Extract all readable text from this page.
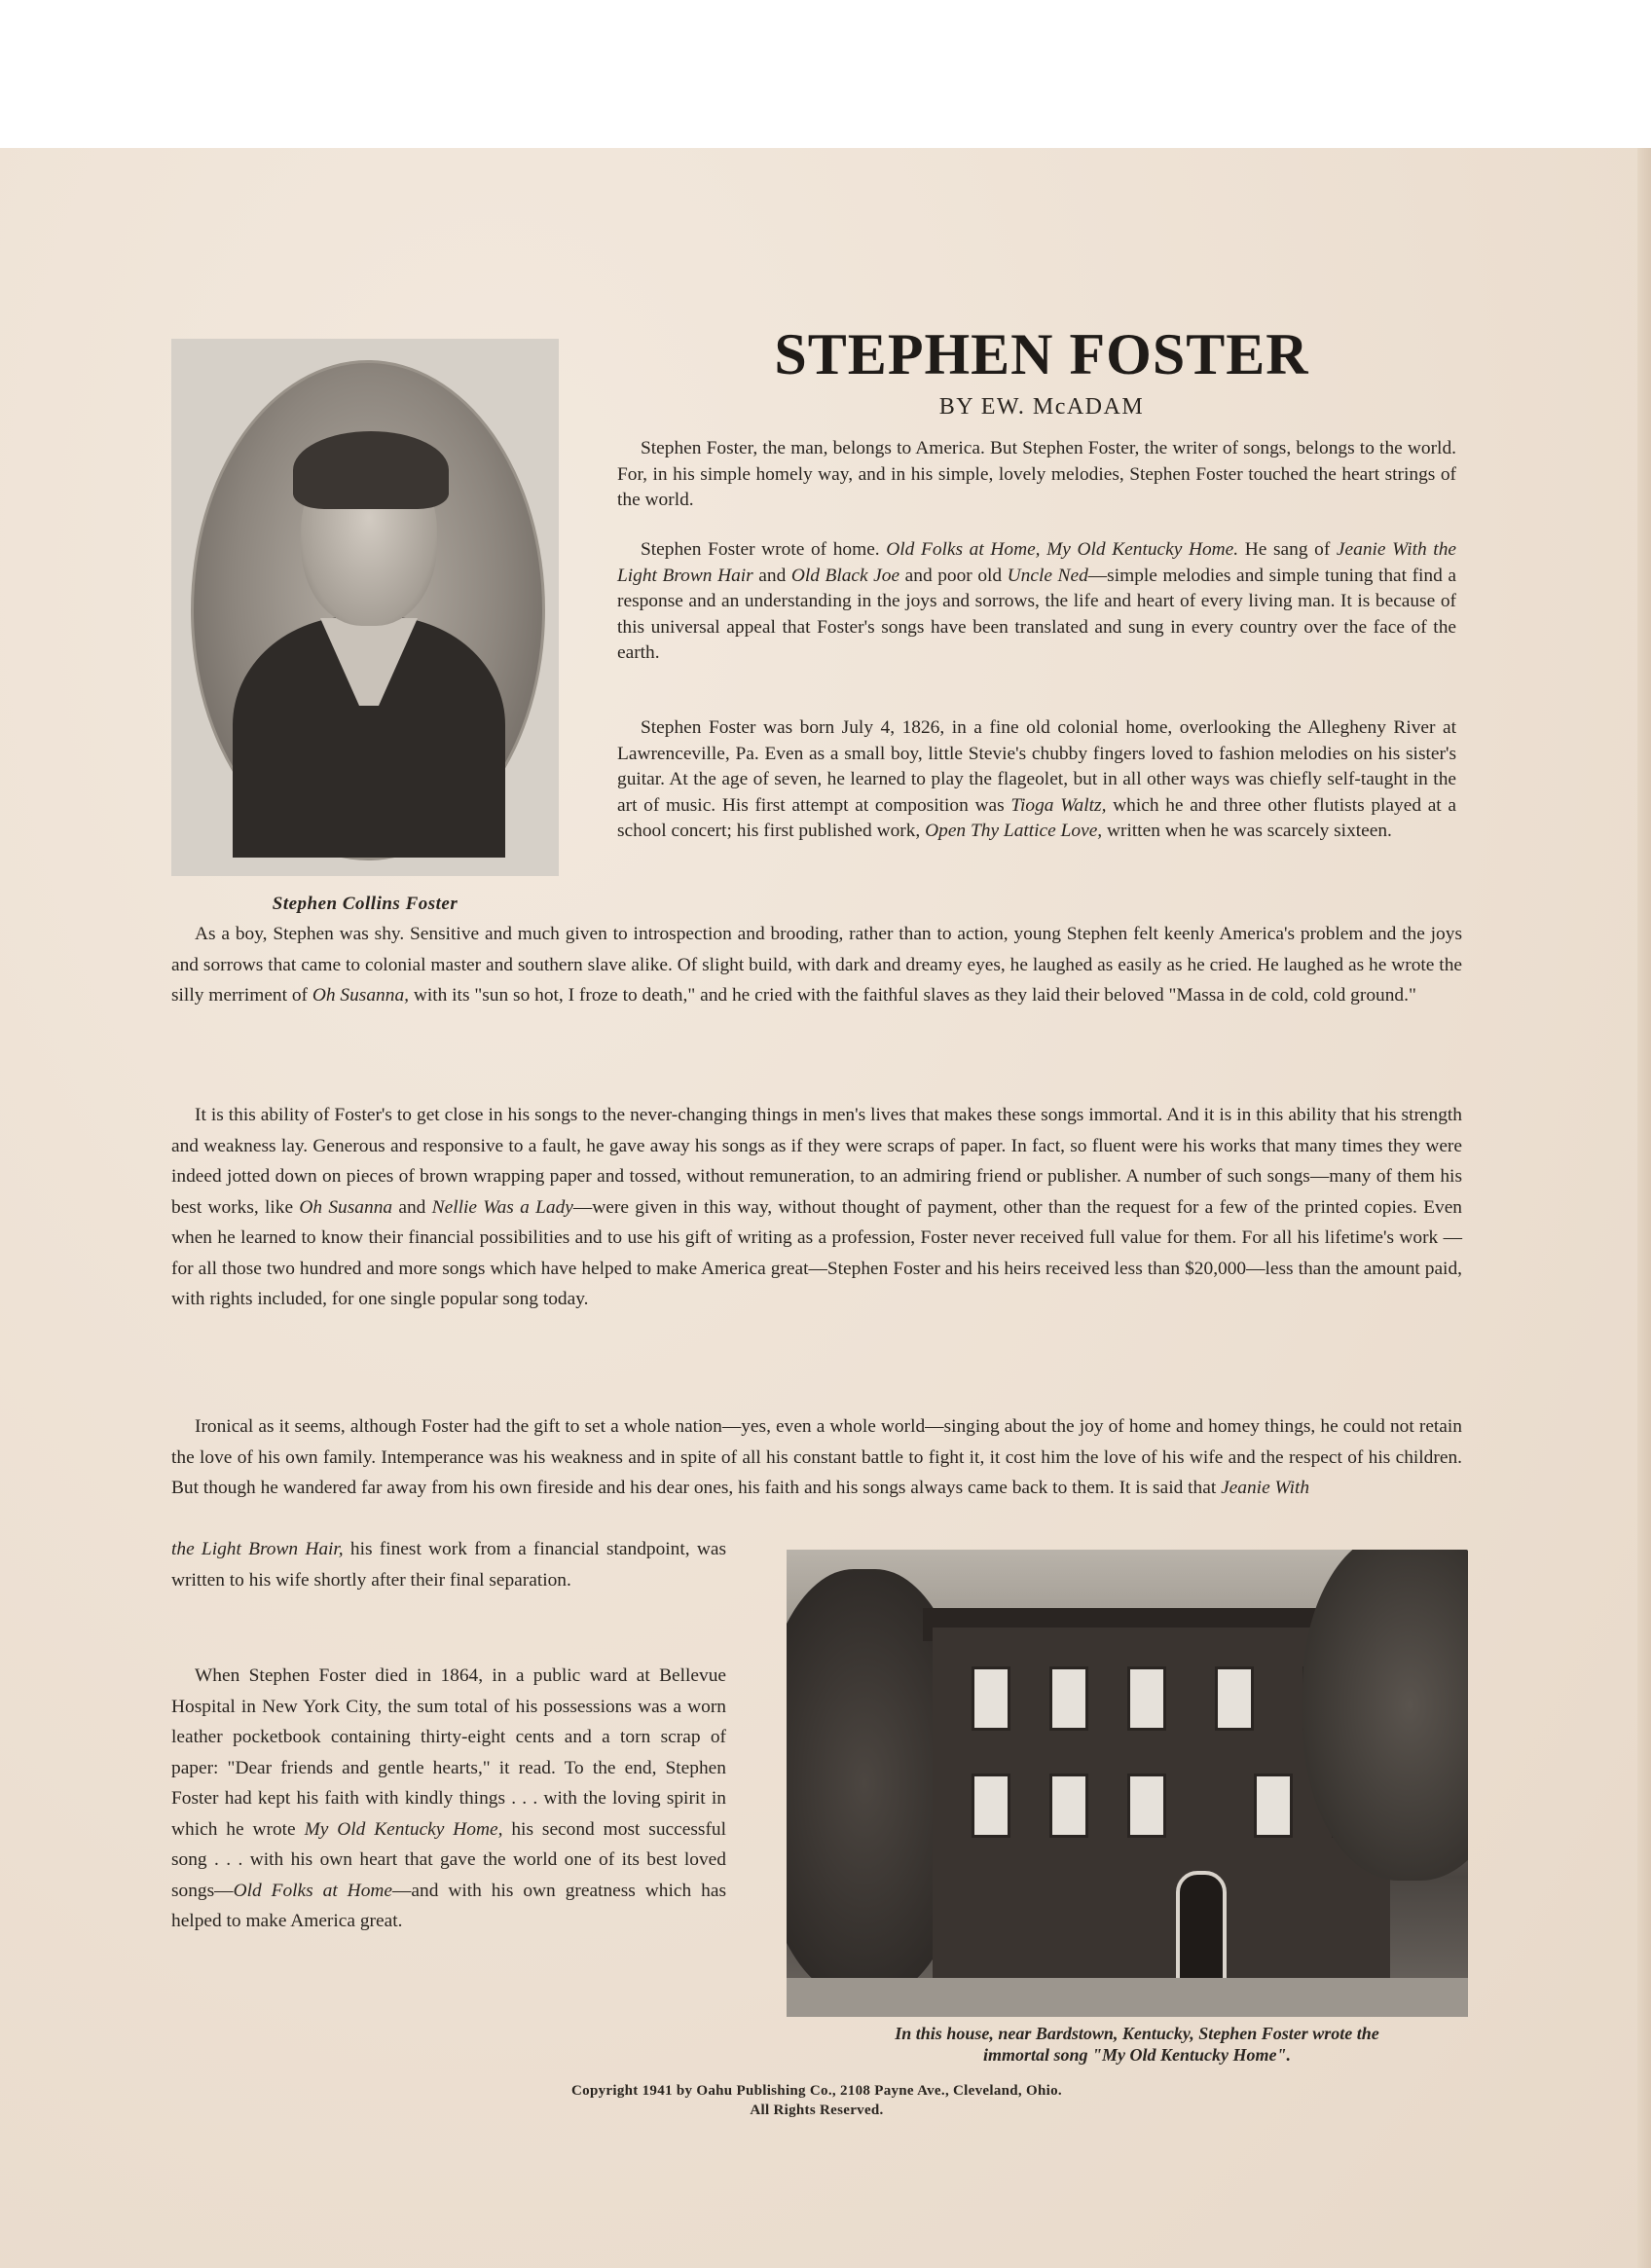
Stephen Collins Foster
STEPHEN FOSTER
BY EW. McADAM

Stephen Foster, the man, belongs to America. But Stephen Foster, the writer of songs, belongs to the world. For, in his simple homely way, and in his simple, lovely melodies, Stephen Foster touched the heart strings of the world.

Stephen Foster wrote of home. Old Folks at Home, My Old Kentucky Home. He sang of Jeanie With the Light Brown Hair and Old Black Joe and poor old Uncle Ned—simple melodies and simple tuning that find a response and an understanding in the joys and sorrows, the life and heart of every living man. It is because of this universal appeal that Foster's songs have been translated and sung in every country over the face of the earth.

Stephen Foster was born July 4, 1826, in a fine old colonial home, overlooking the Allegheny River at Lawrenceville, Pa. Even as a small boy, little Stevie's chubby fingers loved to fashion melodies on his sister's guitar. At the age of seven, he learned to play the flageolet, but in all other ways was chiefly self-taught in the art of music. His first attempt at composition was Tioga Waltz, which he and three other flutists played at a school concert; his first published work, Open Thy Lattice Love, written when he was scarcely sixteen.

As a boy, Stephen was shy. Sensitive and much given to introspection and brooding, rather than to action, young Stephen felt keenly America's problem and the joys and sorrows that came to colonial master and southern slave alike. Of slight build, with dark and dreamy eyes, he laughed as easily as he cried. He laughed as he wrote the silly merriment of Oh Susanna, with its "sun so hot, I froze to death," and he cried with the faithful slaves as they laid their beloved "Massa in de cold, cold ground."

It is this ability of Foster's to get close in his songs to the never-changing things in men's lives that makes these songs immortal. And it is in this ability that his strength and weakness lay. Generous and responsive to a fault, he gave away his songs as if they were scraps of paper. In fact, so fluent were his works that many times they were indeed jotted down on pieces of brown wrapping paper and tossed, without remuneration, to an admiring friend or publisher. A number of such songs—many of them his best works, like Oh Susanna and Nellie Was a Lady—were given in this way, without thought of payment, other than the request for a few of the printed copies. Even when he learned to know their financial possibilities and to use his gift of writing as a profession, Foster never received full value for them. For all his lifetime's work —for all those two hundred and more songs which have helped to make America great—Stephen Foster and his heirs received less than $20,000—less than the amount paid, with rights included, for one single popular song today.

Ironical as it seems, although Foster had the gift to set a whole nation—yes, even a whole world—singing about the joy of home and homey things, he could not retain the love of his own family. Intemperance was his weakness and in spite of all his constant battle to fight it, it cost him the love of his wife and the respect of his children. But though he wandered far away from his own fireside and his dear ones, his faith and his songs always came back to them. It is said that Jeanie With

the Light Brown Hair, his finest work from a financial standpoint, was written to his wife shortly after their final separation.

When Stephen Foster died in 1864, in a public ward at Bellevue Hospital in New York City, the sum total of his possessions was a worn leather pocketbook containing thirty-eight cents and a torn scrap of paper: "Dear friends and gentle hearts," it read. To the end, Stephen Foster had kept his faith with kindly things . . . with the loving spirit in which he wrote My Old Kentucky Home, his second most successful song . . . with his own heart that gave the world one of its best loved songs—Old Folks at Home—and with his own greatness which has helped to make America great.

In this house, near Bardstown, Kentucky, Stephen Foster wrote the
immortal song "My Old Kentucky Home".
Copyright 1941 by Oahu Publishing Co., 2108 Payne Ave., Cleveland, Ohio.
All Rights Reserved.
